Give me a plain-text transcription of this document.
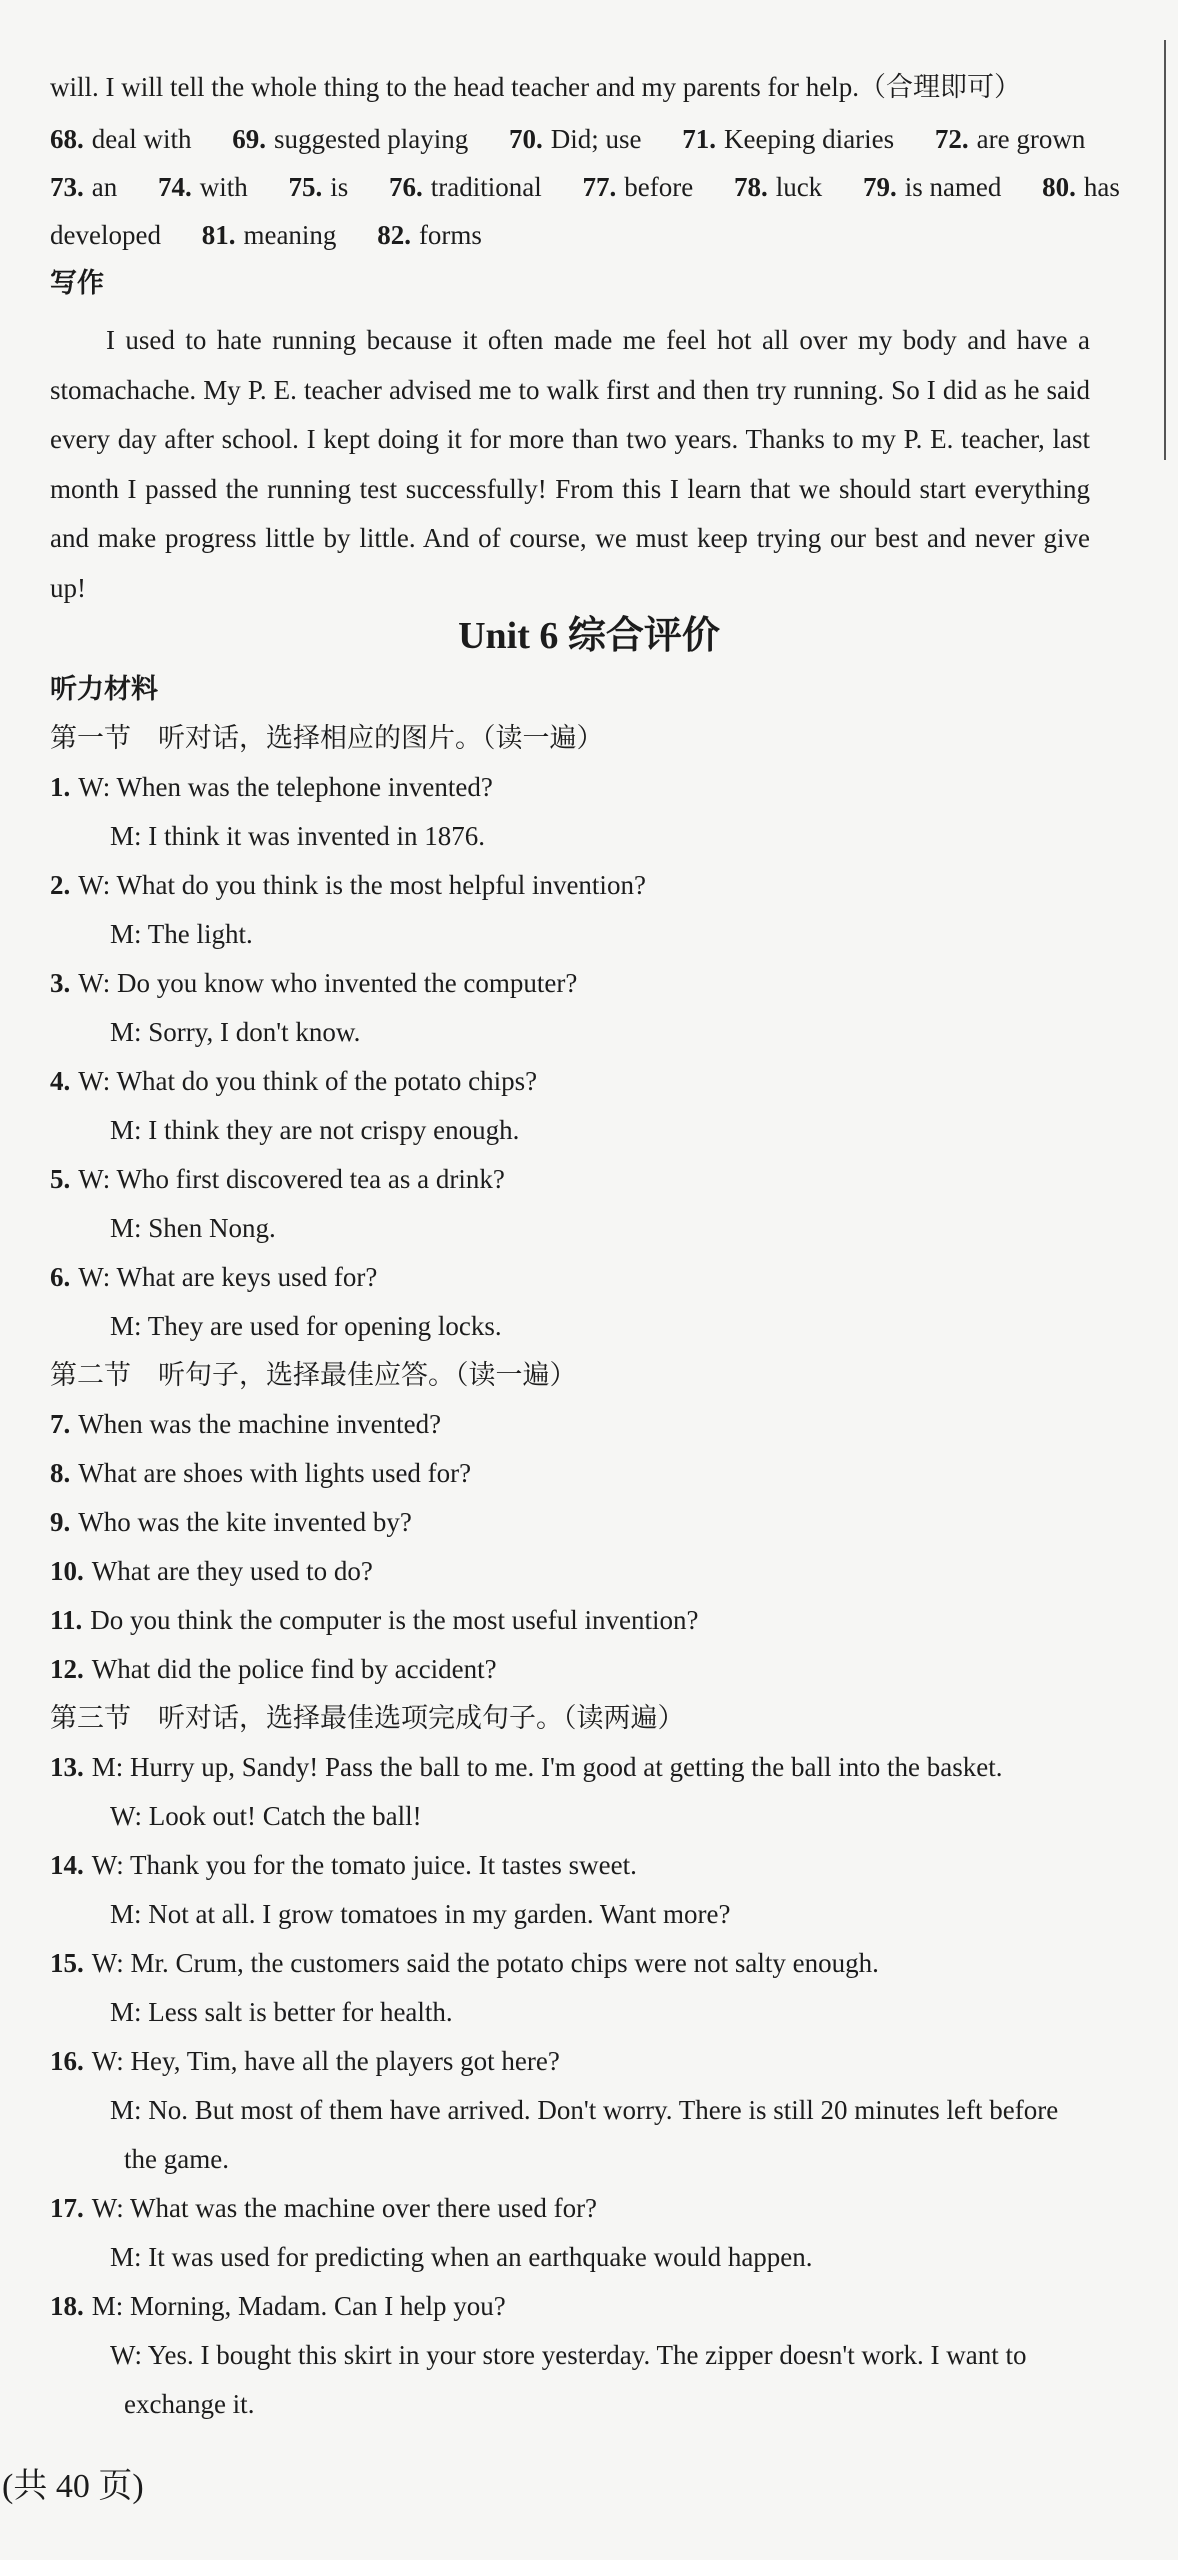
will. I will tell the whole thing to the head teacher and my parents for help.（合理即可）
68. deal with 69. suggested playing 70. Did; use 71. Keeping diaries 72. are grown
73. an 74. with 75. is 76. traditional 77. before 78. luck 79. is named 80. has
developed 81. meaning 82. forms
写作
I used to hate running because it often made me feel hot all over my body and have a stomachache. My P. E. teacher advised me to walk first and then try running. So I did as he said every day after school. I kept doing it for more than two years. Thanks to my P. E. teacher, last month I passed the running test successfully! From this I learn that we should start everything and make progress little by little. And of course, we must keep trying our best and never give up!
Unit 6 综合评价
听力材料
第一节　听对话，选择相应的图片。（读一遍）
1. W: When was the telephone invented?
M: I think it was invented in 1876.
2. W: What do you think is the most helpful invention?
M: The light.
3. W: Do you know who invented the computer?
M: Sorry, I don't know.
4. W: What do you think of the potato chips?
M: I think they are not crispy enough.
5. W: Who first discovered tea as a drink?
M: Shen Nong.
6. W: What are keys used for?
M: They are used for opening locks.
第二节　听句子，选择最佳应答。（读一遍）
7. When was the machine invented?
8. What are shoes with lights used for?
9. Who was the kite invented by?
10. What are they used to do?
11. Do you think the computer is the most useful invention?
12. What did the police find by accident?
第三节　听对话，选择最佳选项完成句子。（读两遍）
13. M: Hurry up, Sandy! Pass the ball to me. I'm good at getting the ball into the basket.
W: Look out! Catch the ball!
14. W: Thank you for the tomato juice. It tastes sweet.
M: Not at all. I grow tomatoes in my garden. Want more?
15. W: Mr. Crum, the customers said the potato chips were not salty enough.
M: Less salt is better for health.
16. W: Hey, Tim, have all the players got here?
M: No. But most of them have arrived. Don't worry. There is still 20 minutes left before
the game.
17. W: What was the machine over there used for?
M: It was used for predicting when an earthquake would happen.
18. M: Morning, Madam. Can I help you?
W: Yes. I bought this skirt in your store yesterday. The zipper doesn't work. I want to
exchange it.
(共 40 页)
